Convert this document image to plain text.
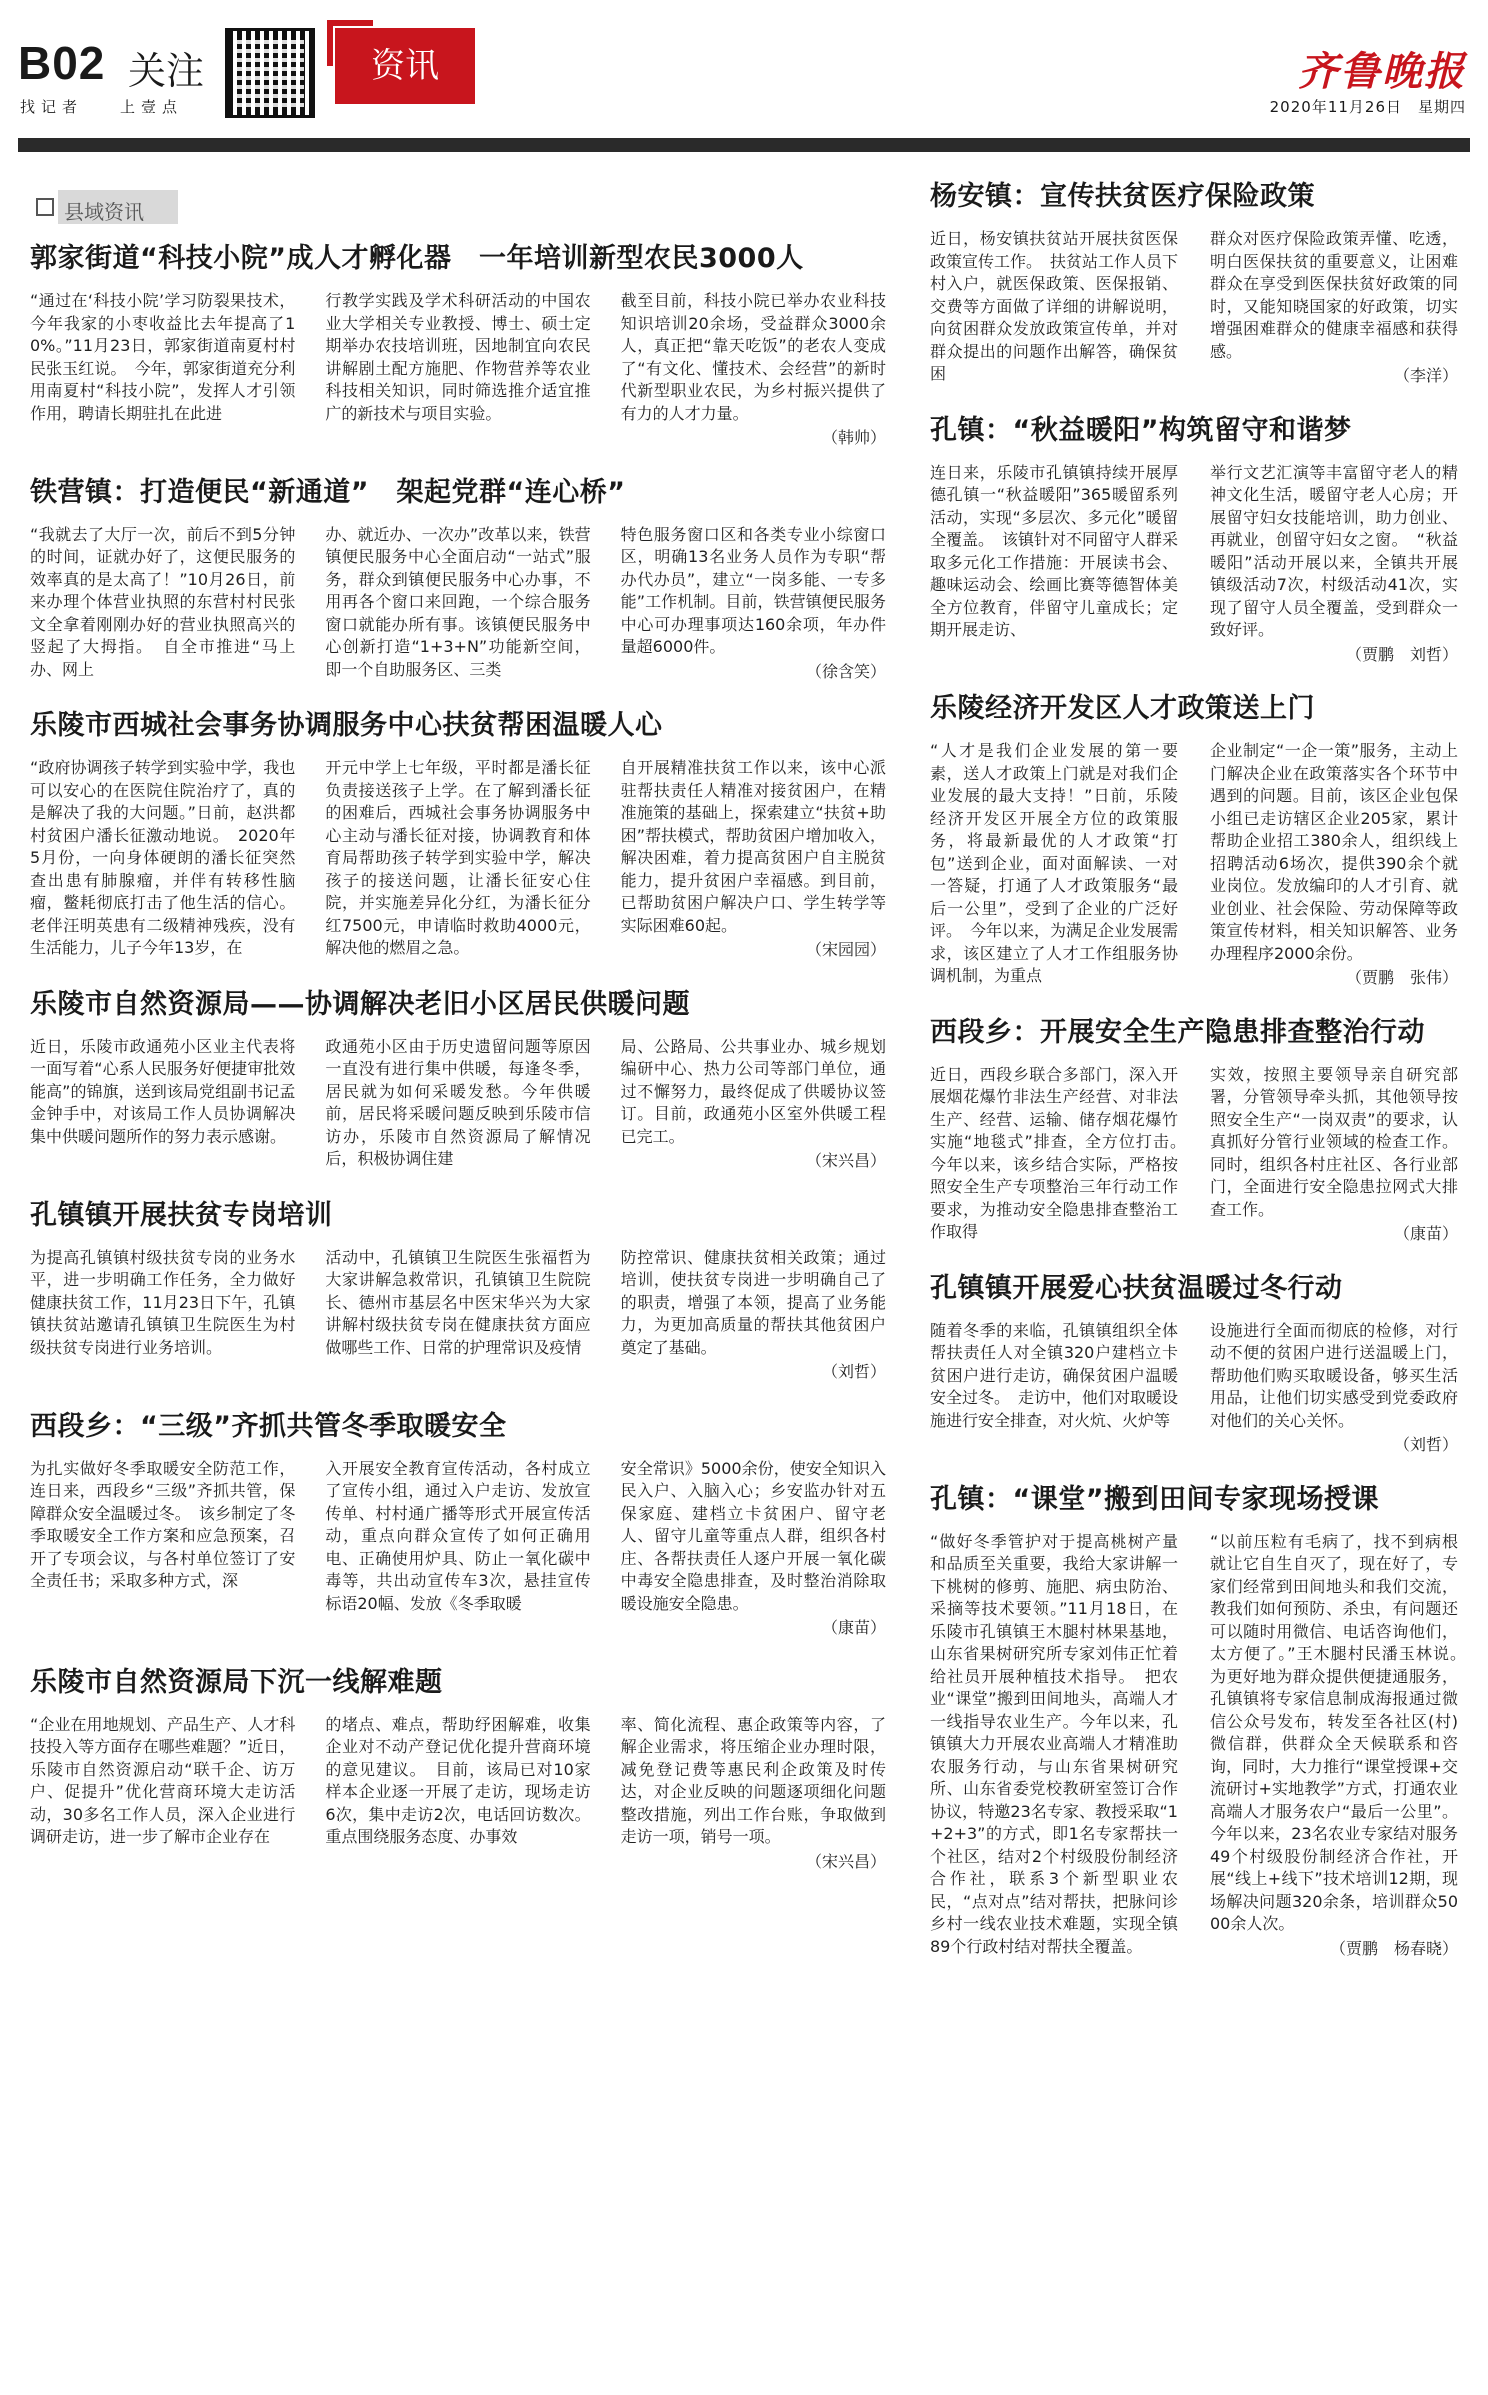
B02 关注
找记者 上壹点
资讯	齐鲁晚报
2020年11月26日　星期四
县域资讯
郭家街道“科技小院”成人才孵化器　一年培训新型农民3000人

“通过在‘科技小院’学习防裂果技术，今年我家的小枣收益比去年提高了10%。”11月23日，郭家街道南夏村村民张玉红说。　今年，郭家街道充分利用南夏村“科技小院”，发挥人才引领作用，聘请长期驻扎在此进

行教学实践及学术科研活动的中国农业大学相关专业教授、博士、硕士定期举办农技培训班，因地制宜向农民讲解剧土配方施肥、作物营养等农业科技相关知识，同时筛选推介适宜推广的新技术与项目实验。

截至目前，科技小院已举办农业科技知识培训20余场，受益群众3000余人，真正把“靠天吃饭”的老农人变成了“有文化、懂技术、会经营”的新时代新型职业农民，为乡村振兴提供了有力的人才力量。
（韩帅）

铁营镇：打造便民“新通道”　架起党群“连心桥”

“我就去了大厅一次，前后不到5分钟的时间，证就办好了，这便民服务的效率真的是太高了！”10月26日，前来办理个体营业执照的东营村村民张文全拿着刚刚办好的营业执照高兴的竖起了大拇指。　自全市推进“马上办、网上

办、就近办、一次办”改革以来，铁营镇便民服务中心全面启动“一站式”服务，群众到镇便民服务中心办事，不用再各个窗口来回跑，一个综合服务窗口就能办所有事。该镇便民服务中心创新打造“1+3+N”功能新空间，即一个自助服务区、三类

特色服务窗口区和各类专业小综窗口区，明确13名业务人员作为专职“帮办代办员”，建立“一岗多能、一专多能”工作机制。目前，铁营镇便民服务中心可办理事项达160余项，年办件量超6000件。
（徐含笑）

乐陵市西城社会事务协调服务中心扶贫帮困温暖人心

“政府协调孩子转学到实验中学，我也可以安心的在医院住院治疗了，真的是解决了我的大问题。”日前，赵洪都村贫困户潘长征激动地说。　2020年5月份，一向身体硬朗的潘长征突然查出患有肺腺瘤，并伴有转移性脑瘤，鳖耗彻底打击了他生活的信心。老伴汪明英患有二级精神残疾，没有生活能力，儿子今年13岁，在

开元中学上七年级，平时都是潘长征负责接送孩子上学。在了解到潘长征的困难后，西城社会事务协调服务中心主动与潘长征对接，协调教育和体育局帮助孩子转学到实验中学，解决孩子的接送问题，让潘长征安心住院，并实施差异化分红，为潘长征分红7500元，申请临时救助4000元，解决他的燃眉之急。

自开展精准扶贫工作以来，该中心派驻帮扶责任人精准对接贫困户，在精准施策的基础上，探索建立“扶贫+助困”帮扶模式，帮助贫困户增加收入，解决困难，着力提高贫困户自主脱贫能力，提升贫困户幸福感。到目前，已帮助贫困户解决户口、学生转学等实际困难60起。
（宋园园）

乐陵市自然资源局——协调解决老旧小区居民供暖问题

近日，乐陵市政通苑小区业主代表将一面写着“心系人民服务好便捷审批效能高”的锦旗，送到该局党组副书记孟金钟手中，对该局工作人员协调解决集中供暖问题所作的努力表示感谢。

政通苑小区由于历史遗留问题等原因一直没有进行集中供暖，每逢冬季，居民就为如何采暖发愁。今年供暖前，居民将采暖问题反映到乐陵市信访办，乐陵市自然资源局了解情况后，积极协调住建

局、公路局、公共事业办、城乡规划编研中心、热力公司等部门单位，通过不懈努力，最终促成了供暖协议签订。目前，政通苑小区室外供暖工程已完工。
（宋兴昌）

孔镇镇开展扶贫专岗培训

为提高孔镇镇村级扶贫专岗的业务水平，进一步明确工作任务，全力做好健康扶贫工作，11月23日下午，孔镇镇扶贫站邀请孔镇镇卫生院医生为村级扶贫专岗进行业务培训。

活动中，孔镇镇卫生院医生张福哲为大家讲解急救常识，孔镇镇卫生院院长、德州市基层名中医宋华兴为大家讲解村级扶贫专岗在健康扶贫方面应做哪些工作、日常的护理常识及疫情

防控常识、健康扶贫相关政策；通过培训，使扶贫专岗进一步明确自己了的职责，增强了本领，提高了业务能力，为更加高质量的帮扶其他贫困户奠定了基础。
（刘哲）

西段乡：“三级”齐抓共管冬季取暖安全

为扎实做好冬季取暖安全防范工作，连日来，西段乡“三级”齐抓共管，保障群众安全温暖过冬。　该乡制定了冬季取暖安全工作方案和应急预案，召开了专项会议，与各村单位签订了安全责任书；采取多种方式，深

入开展安全教育宣传活动，各村成立了宣传小组，通过入户走访、发放宣传单、村村通广播等形式开展宣传活动，重点向群众宣传了如何正确用电、正确使用炉具、防止一氧化碳中毒等，共出动宣传车3次，悬挂宣传标语20幅、发放《冬季取暖

安全常识》5000余份，使安全知识入民入户、入脑入心；乡安监办针对五保家庭、建档立卡贫困户、留守老人、留守儿童等重点人群，组织各村庄、各帮扶责任人逐户开展一氧化碳中毒安全隐患排查，及时整治消除取暖设施安全隐患。
（康苗）

乐陵市自然资源局下沉一线解难题

“企业在用地规划、产品生产、人才科技投入等方面存在哪些难题？”近日，乐陵市自然资源启动“联千企、访万户、促提升”优化营商环境大走访活动，30多名工作人员，深入企业进行调研走访，进一步了解市企业存在

的堵点、难点，帮助纾困解难，收集企业对不动产登记优化提升营商环境的意见建议。　目前，该局已对10家样本企业逐一开展了走访，现场走访6次，集中走访2次，电话回访数次。重点围绕服务态度、办事效

率、简化流程、惠企政策等内容，了解企业需求，将压缩企业办理时限，减免登记费等惠民利企政策及时传达，对企业反映的问题逐项细化问题整改措施，列出工作台账，争取做到走访一项，销号一项。
（宋兴昌）

杨安镇：宣传扶贫医疗保险政策

近日，杨安镇扶贫站开展扶贫医保政策宣传工作。　扶贫站工作人员下村入户，就医保政策、医保报销、交费等方面做了详细的讲解说明，向贫困群众发放政策宣传单，并对群众提出的问题作出解答，确保贫困

群众对医疗保险政策弄懂、吃透，明白医保扶贫的重要意义，让困难群众在享受到医保扶贫好政策的同时，又能知晓国家的好政策，切实增强困难群众的健康幸福感和获得感。
（李洋）

孔镇：“秋益暖阳”构筑留守和谐梦

连日来，乐陵市孔镇镇持续开展厚德孔镇一“秋益暖阳”365暖留系列活动，实现“多层次、多元化”暖留全覆盖。　该镇针对不同留守人群采取多元化工作措施：开展读书会、趣味运动会、绘画比赛等德智体美全方位教育，伴留守儿童成长；定期开展走访、

举行文艺汇演等丰富留守老人的精神文化生活，暖留守老人心房；开展留守妇女技能培训，助力创业、再就业，创留守妇女之窗。　“秋益暖阳”活动开展以来，全镇共开展镇级活动7次，村级活动41次，实现了留守人员全覆盖，受到群众一致好评。
（贾鹏　刘哲）

乐陵经济开发区人才政策送上门

“人才是我们企业发展的第一要素，送人才政策上门就是对我们企业发展的最大支持！”日前，乐陵经济开发区开展全方位的政策服务，将最新最优的人才政策“打包”送到企业，面对面解读、一对一答疑，打通了人才政策服务“最后一公里”，受到了企业的广泛好评。　今年以来，为满足企业发展需求，该区建立了人才工作组服务协调机制，为重点

企业制定“一企一策”服务，主动上门解决企业在政策落实各个环节中遇到的问题。目前，该区企业包保小组已走访辖区企业205家，累计帮助企业招工380余人，组织线上招聘活动6场次，提供390余个就业岗位。发放编印的人才引育、就业创业、社会保险、劳动保障等政策宣传材料，相关知识解答、业务办理程序2000余份。
（贾鹏　张伟）

西段乡：开展安全生产隐患排查整治行动

近日，西段乡联合多部门，深入开展烟花爆竹非法生产经营、对非法生产、经营、运输、储存烟花爆竹实施“地毯式”排查，全方位打击。　今年以来，该乡结合实际，严格按照安全生产专项整治三年行动工作要求，为推动安全隐患排查整治工作取得

实效，按照主要领导亲自研究部署，分管领导牵头抓，其他领导按照安全生产“一岗双责”的要求，认真抓好分管行业领域的检查工作。同时，组织各村庄社区、各行业部门，全面进行安全隐患拉网式大排查工作。
（康苗）

孔镇镇开展爱心扶贫温暖过冬行动

随着冬季的来临，孔镇镇组织全体帮扶责任人对全镇320户建档立卡贫困户进行走访，确保贫困户温暖安全过冬。　走访中，他们对取暖设施进行安全排查，对火炕、火炉等

设施进行全面而彻底的检修，对行动不便的贫困户进行送温暖上门，帮助他们购买取暖设备，够买生活用品，让他们切实感受到党委政府对他们的关心关怀。
（刘哲）

孔镇：“课堂”搬到田间专家现场授课

“做好冬季管护对于提高桃树产量和品质至关重要，我给大家讲解一下桃树的修剪、施肥、病虫防治、采摘等技术要领。”11月18日，在乐陵市孔镇镇王木腿村林果基地，山东省果树研究所专家刘伟正忙着给社员开展种植技术指导。　把农业“课堂”搬到田间地头，高端人才一线指导农业生产。今年以来，孔镇镇大力开展农业高端人才精准助农服务行动，与山东省果树研究所、山东省委党校教研室签订合作协议，特邀23名专家、教授采取“1+2+3”的方式，即1名专家帮扶一个社区，结对2个村级股份制经济合作社，联系3个新型职业农民，“点对点”结对帮扶，把脉问诊乡村一线农业技术难题，实现全镇89个行政村结对帮扶全覆盖。

“以前压粒有毛病了，找不到病根就让它自生自灭了，现在好了，专家们经常到田间地头和我们交流，教我们如何预防、杀虫，有问题还可以随时用微信、电话咨询他们，太方便了。”王木腿村民潘玉林说。　为更好地为群众提供便捷通服务，孔镇镇将专家信息制成海报通过微信公众号发布，转发至各社区(村)微信群，供群众全天候联系和咨询，同时，大力推行“课堂授课+交流研讨+实地教学”方式，打通农业高端人才服务农户“最后一公里”。今年以来，23名农业专家结对服务49个村级股份制经济合作社，开展“线上+线下”技术培训12期，现场解决问题320余条，培训群众5000余人次。
（贾鹏　杨春晓）
